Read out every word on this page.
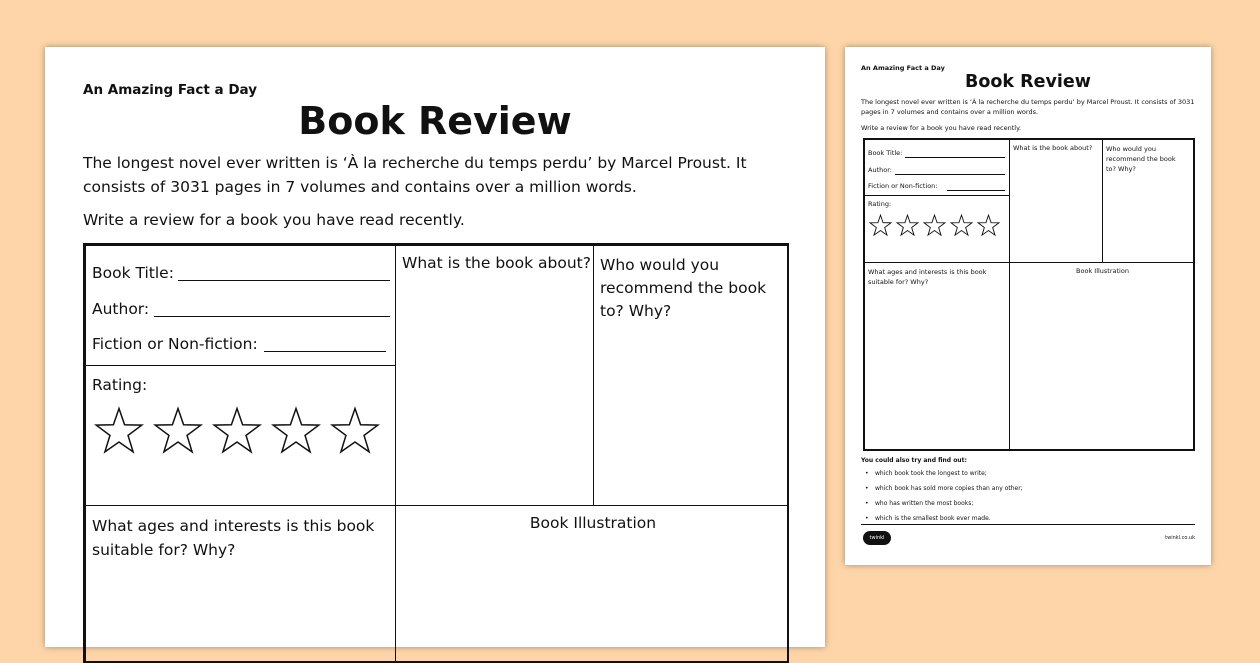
An Amazing Fact a Day
Book Review
The longest novel ever written is ‘À la recherche du temps perdu’ by Marcel Proust. It consists of 3031 pages in 7 volumes and contains over a million words.
Write a review for a book you have read recently.
Book Title:
Author:
Fiction or Non-fiction:
Rating:
What is the book about? Who would you recommend the book to? Why?
What ages and interests is this book suitable for? Why?
Book Illustration
An Amazing Fact a Day
Book Review
The longest novel ever written is ‘À la recherche du temps perdu’ by Marcel Proust. It consists of 3031 pages in 7 volumes and contains over a million words.
Write a review for a book you have read recently.
Book Title:
Author:
Fiction or Non-fiction:
Rating:
What is the book about? Who would you recommend the book to? Why?
What ages and interests is this book suitable for? Why?
Book Illustration
You could also try and find out:
• which book took the longest to write;
• which book has sold more copies than any other;
• who has written the most books;
• which is the smallest book ever made.
twinkl	twinkl.co.uk
